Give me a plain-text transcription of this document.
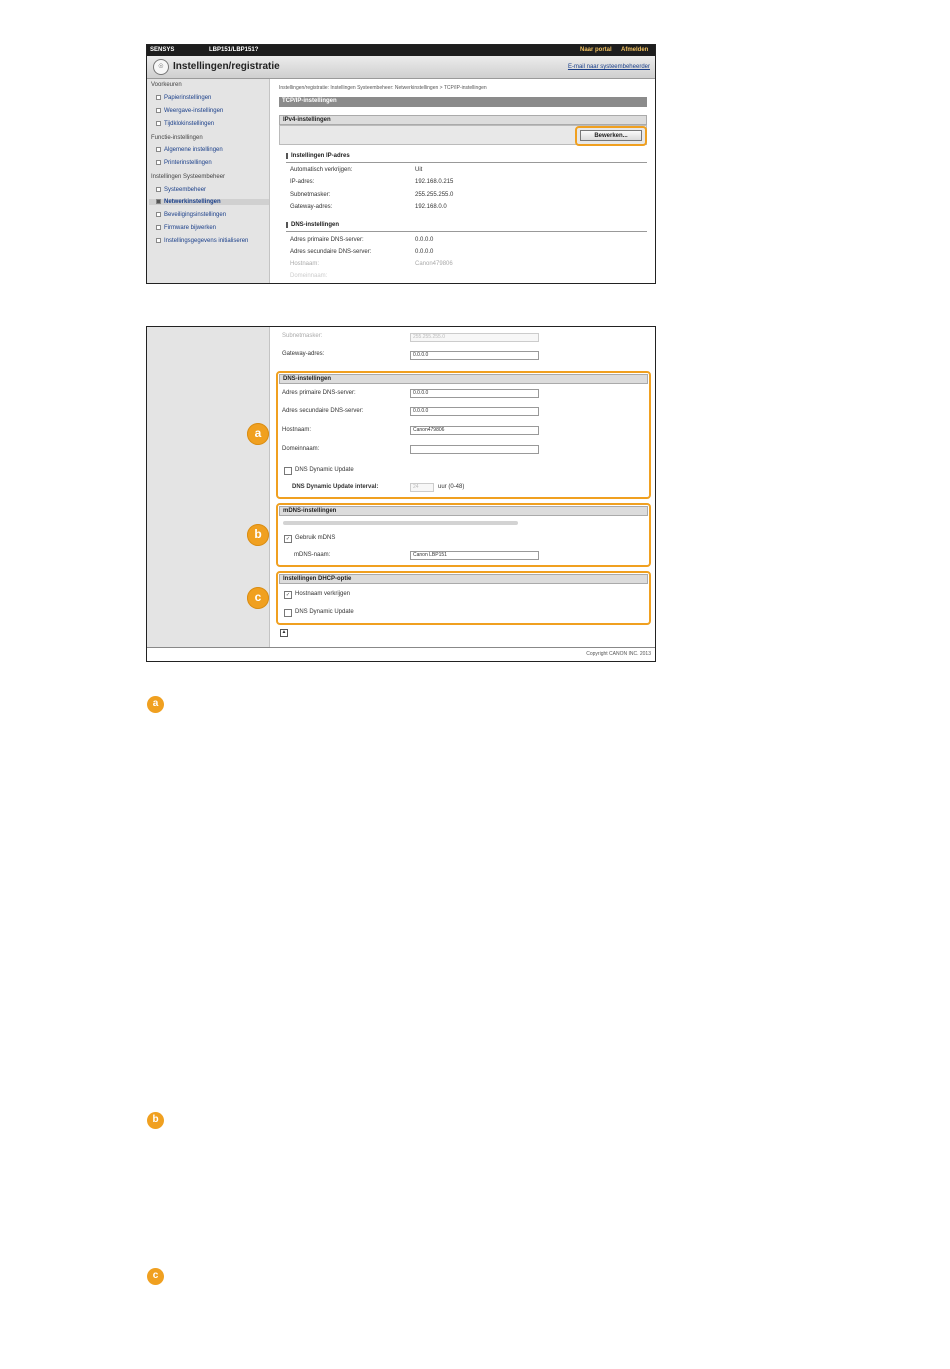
SENSYS	LBP151/LBP151?	Naar portal Afmelden
☉ Instellingen/registratie	E-mail naar systeembeheerder
Voorkeuren
Papierinstellingen
Weergave-instellingen
Tijdklokinstellingen
Functie-instellingen
Algemene instellingen
Printerinstellingen
Instellingen Systeembeheer
Systeembeheer
Netwerkinstellingen
Beveiligingsinstellingen
Firmware bijwerken
Instellingsgegevens initialiseren
Instellingen/registratie: Instellingen Systeembeheer: Netwerkinstellingen > TCP/IP-instellingen
TCP/IP-instellingen
IPv4-instellingen
Bewerken...
Instellingen IP-adres
Automatisch verkrijgen:	Uit
IP-adres:	192.168.0.215
Subnetmasker:	255.255.255.0
Gateway-adres:	192.168.0.0
DNS-instellingen
Adres primaire DNS-server:	0.0.0.0
Adres secundaire DNS-server:	0.0.0.0
Hostnaam:	Canon479806
Domeinnaam:
Subnetmasker:	255.255.255.0
Gateway-adres:	0.0.0.0
DNS-instellingen
Adres primaire DNS-server:	0.0.0.0
Adres secundaire DNS-server:	0.0.0.0
Hostnaam:	Canon479806
Domeinnaam:
DNS Dynamic Update
DNS Dynamic Update interval:	24	uur (0-48)
mDNS-instellingen
✓ Gebruik mDNS
mDNS-naam:	Canon LBP151
Instellingen DHCP-optie
✓ Hostnaam verkrijgen
DNS Dynamic Update
▲
Copyright CANON INC. 2013
a
b
c
a
b
c
